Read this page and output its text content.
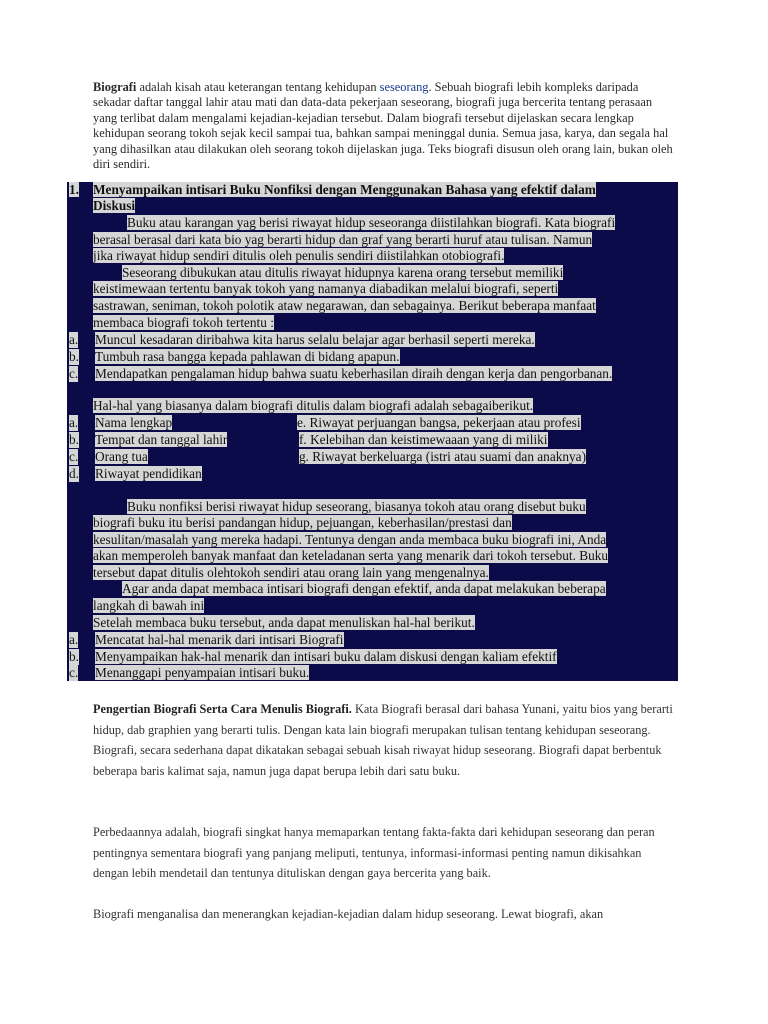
Biografi adalah kisah atau keterangan tentang kehidupan seseorang. Sebuah biografi lebih kompleks daripada sekadar daftar tanggal lahir atau mati dan data-data pekerjaan seseorang, biografi juga bercerita tentang perasaan yang terlibat dalam mengalami kejadian-kejadian tersebut. Dalam biografi tersebut dijelaskan secara lengkap kehidupan seorang tokoh sejak kecil sampai tua, bahkan sampai meninggal dunia. Semua jasa, karya, dan segala hal yang dihasilkan atau dilakukan oleh seorang tokoh dijelaskan juga. Teks biografi disusun oleh orang lain, bukan oleh diri sendiri.
1. Menyampaikan intisari Buku Nonfiksi dengan Menggunakan Bahasa yang efektif dalam
Diskusi
Buku atau karangan yag berisi riwayat hidup seseoranga diistilahkan biografi. Kata biografi
berasal berasal dari kata bio yag berarti hidup dan graf yang berarti huruf atau tulisan. Namun
jika riwayat hidup sendiri ditulis oleh penulis sendiri diistilahkan otobiografi.
Seseorang dibukukan atau ditulis riwayat hidupnya karena orang tersebut memiliki
keistimewaan tertentu banyak tokoh yang namanya diabadikan melalui biografi, seperti
sastrawan, seniman, tokoh polotik ataw negarawan, dan sebagainya. Berikut beberapa manfaat
membaca biografi tokoh tertentu :
a. Muncul kesadaran diribahwa kita harus selalu belajar agar berhasil seperti mereka.
b. Tumbuh rasa bangga kepada pahlawan di bidang apapun.
c. Mendapatkan pengalaman hidup bahwa suatu keberhasilan diraih dengan kerja dan pengorbanan.
Hal-hal yang biasanya dalam biografi ditulis dalam biografi adalah sebagaiberikut.
a. Nama lengkap
b. Tempat dan tanggal lahir
c. Orang tua
d. Riwayat pendidikan
e. Riwayat perjuangan bangsa, pekerjaan atau profesi
f. Kelebihan dan keistimewaaan yang di miliki
g. Riwayat berkeluarga (istri atau suami dan anaknya)
Buku nonfiksi berisi riwayat hidup seseorang, biasanya tokoh atau orang disebut buku
biografi buku itu berisi pandangan hidup, pejuangan, keberhasilan/prestasi dan
kesulitan/masalah yang mereka hadapi. Tentunya dengan anda membaca buku biografi ini, Anda
akan memperoleh banyak manfaat dan keteladanan serta yang menarik dari tokoh tersebut. Buku
tersebut dapat ditulis olehtokoh sendiri atau orang lain yang mengenalnya.
Agar anda dapat membaca intisari biografi dengan efektif, anda dapat melakukan beberapa
langkah di bawah ini
Setelah membaca buku tersebut, anda dapat menuliskan hal-hal berikut.
a. Mencatat hal-hal menarik dari intisari Biografi
b. Menyampaikan hak-hal menarik dan intisari buku dalam diskusi dengan kaliam efektif
c. Menanggapi penyampaian intisari buku.
Pengertian Biografi Serta Cara Menulis Biografi. Kata Biografi berasal dari bahasa Yunani, yaitu bios yang berarti hidup, dab graphien yang berarti tulis. Dengan kata lain biografi merupakan tulisan tentang kehidupan seseorang. Biografi, secara sederhana dapat dikatakan sebagai sebuah kisah riwayat hidup seseorang. Biografi dapat berbentuk beberapa baris kalimat saja, namun juga dapat berupa lebih dari satu buku.
Perbedaannya adalah, biografi singkat hanya memaparkan tentang fakta-fakta dari kehidupan seseorang dan peran pentingnya sementara biografi yang panjang meliputi, tentunya, informasi-informasi penting namun dikisahkan dengan lebih mendetail dan tentunya dituliskan dengan gaya bercerita yang baik.
Biografi menganalisa dan menerangkan kejadian-kejadian dalam hidup seseorang. Lewat biografi, akan
